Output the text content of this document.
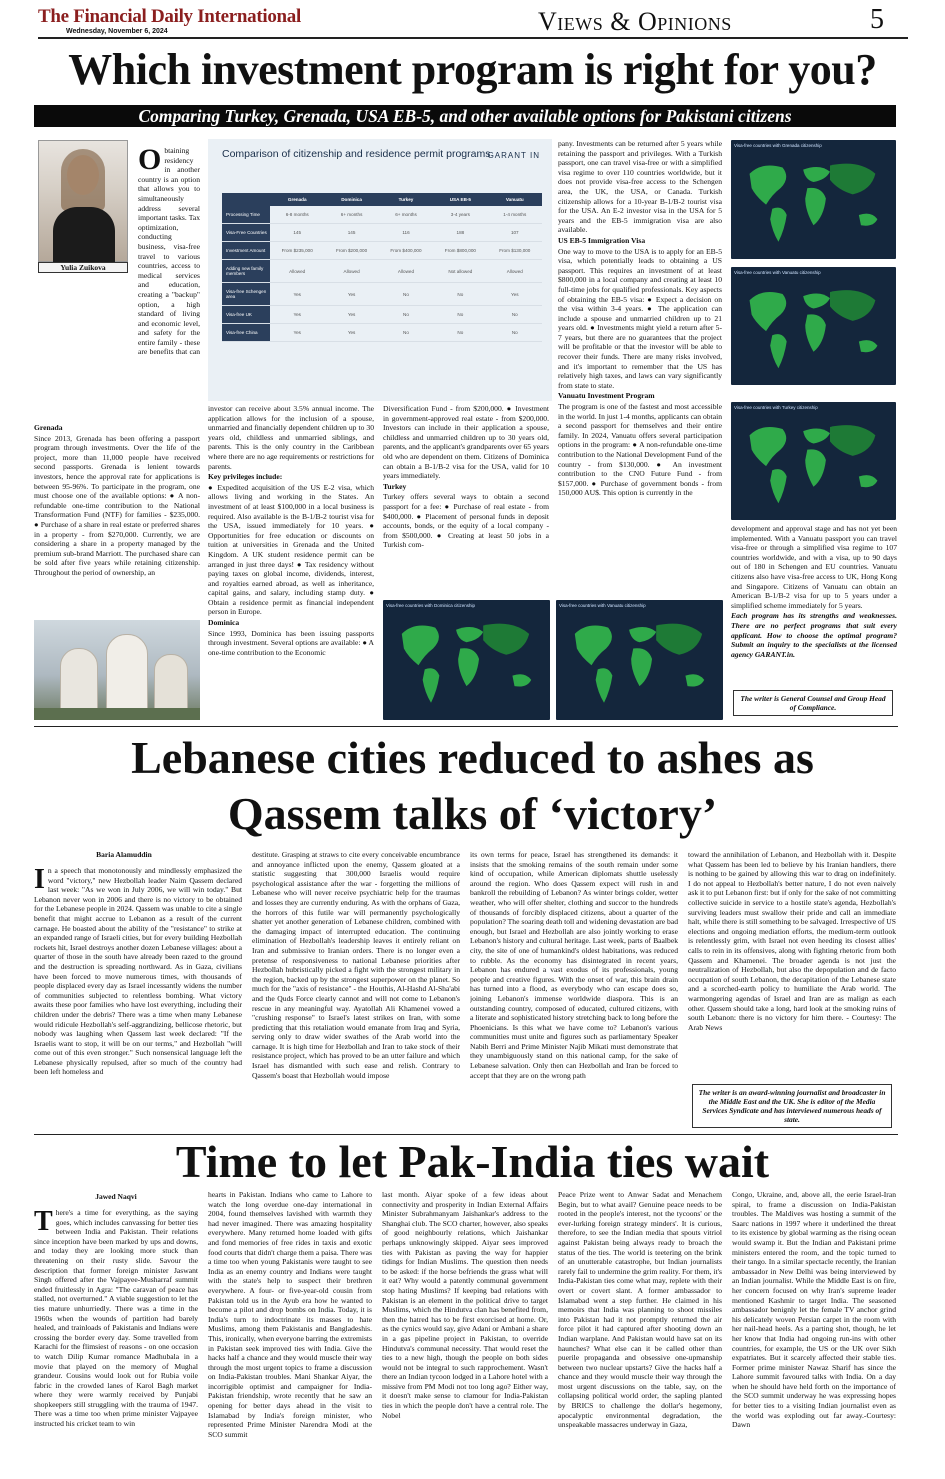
The Financial Daily International
Wednesday, November 6, 2024	Views & Opinions	5
Which investment program is right for you?
Comparing Turkey, Grenada, USA EB-5, and other available options for Pakistani citizens
Yulia Zuikova
Obtaining residency in another country is an option that allows you to simultaneously address several important tasks. Tax optimization, conducting business, visa-free travel to various countries, access to medical services and education, creating a "backup" option, a high standard of living and economic level, and safety for the entire family - these are benefits that can

Grenada

Since 2013, Grenada has been offering a passport program through investments. Over the life of the project, more than 11,000 people have received second passports. Grenada is lenient towards investors, hence the approval rate for applications is between 95-96%. To participate in the program, one must choose one of the available options: ● A non-refundable one-time contribution to the National Transformation Fund (NTF) for families - $235,000. ● Purchase of a share in real estate or preferred shares in a property - from $270,000. Currently, we are considering a share in a property managed by the premium sub-brand Marriott. The purchased share can be sold after five years while retaining citizenship. Throughout the period of ownership, an

Comparison of citizenship and residence permit programs
GARANT IN
	Grenada	Dominica	Turkey	USA EB-5	Vanuatu
Processing Time	6-8 months	6+ months	6+ months	3-4 years	1-4 months
Visa-Free Countries	145	145	116	188	107
Investment Amount	From $235,000	From $200,000	From $400,000	From $800,000	From $130,000
Adding new family members	Allowed	Allowed	Allowed	Not allowed	Allowed
Visa-free Schengen area	Yes	Yes	No	No	Yes
Visa-free UK	Yes	Yes	No	No	No
Visa-free China	Yes	Yes	No	No	No

investor can receive about 3.5% annual income. The application allows for the inclusion of a spouse, unmarried and financially dependent children up to 30 years old, childless and unmarried siblings, and parents. This is the only country in the Caribbean where there are no age requirements or restrictions for parents.

Key privileges include:

● Expedited acquisition of the US E-2 visa, which allows living and working in the States. An investment of at least $100,000 in a local business is required. Also available is the B-1/B-2 tourist visa for the USA, issued immediately for 10 years. ● Opportunities for free education or discounts on tuition at universities in Grenada and the United Kingdom. A UK student residence permit can be arranged in just three days! ● Tax residency without paying taxes on global income, dividends, interest, and royalties earned abroad, as well as inheritance, capital gains, and salary, including stamp duty. ● Obtain a residence permit as financial independent person in Europe.

Dominica

Since 1993, Dominica has been issuing passports through investment. Several options are available: ● A one-time contribution to the Economic

Diversification Fund - from $200,000. ● Investment in government-approved real estate - from $200,000. Investors can include in their application a spouse, childless and unmarried children up to 30 years old, parents, and the applicant's grandparents over 65 years old who are dependent on them. Citizens of Dominica can obtain a B-1/B-2 visa for the USA, valid for 10 years immediately.

Turkey

Turkey offers several ways to obtain a second passport for a fee: ● Purchase of real estate - from $400,000. ● Placement of personal funds in deposit accounts, bonds, or the equity of a local company - from $500,000. ● Creating at least 50 jobs in a Turkish com-

Visa-free countries with Dominica citizenship	Visa-free countries with Vanuatu citizenship
Visa-free countries with Grenada citizenship
Visa-free countries with Vanuatu citizenship
Visa-free countries with Turkey citizenship

pany. Investments can be returned after 5 years while retaining the passport and privileges. With a Turkish passport, one can travel visa-free or with a simplified visa regime to over 110 countries worldwide, but it does not provide visa-free access to the Schengen area, the UK, the USA, or Canada. Turkish citizenship allows for a 10-year B-1/B-2 tourist visa for the USA. An E-2 investor visa in the USA for 5 years and the EB-5 immigration visa are also available.

US EB-5 Immigration Visa

One way to move to the USA is to apply for an EB-5 visa, which potentially leads to obtaining a US passport. This requires an investment of at least $800,000 in a local company and creating at least 10 full-time jobs for qualified professionals. Key aspects of obtaining the EB-5 visa: ● Expect a decision on the visa within 3-4 years. ● The application can include a spouse and unmarried children up to 21 years old. ● Investments might yield a return after 5-7 years, but there are no guarantees that the project will be profitable or that the investor will be able to recover their funds. There are many risks involved, and it's important to remember that the US has relatively high taxes, and laws can vary significantly from state to state.

Vanuatu Investment Program

The program is one of the fastest and most accessible in the world. In just 1-4 months, applicants can obtain a second passport for themselves and their entire family. In 2024, Vanuatu offers several participation options in the program: ● A non-refundable one-time contribution to the National Development Fund of the country - from $130,000. ● An investment contribution to the CNO Future Fund - from $157,000. ● Purchase of government bonds - from 150,000 AU$. This option is currently in the

development and approval stage and has not yet been implemented. With a Vanuatu passport you can travel visa-free or through a simplified visa regime to 107 countries worldwide, and with a visa, up to 90 days out of 180 in Schengen and EU countries. Vanuatu citizens also have visa-free access to UK, Hong Kong and Singapore. Citizens of Vanuatu can obtain an American B-1/B-2 visa for up to 5 years under a simplified scheme immediately for 5 years.

Each program has its strengths and weaknesses. There are no perfect programs that suit every applicant. How to choose the optimal program? Submit an inquiry to the specialists at the licensed agency GARANT.in.

The writer is General Counsel and Group Head of Compliance.
Lebanese cities reduced to ashes as
Qassem talks of ‘victory’
Baria Alamuddin
In a speech that monotonously and mindlessly emphasized the word "victory," new Hezbollah leader Naim Qassem declared last week: "As we won in July 2006, we will win today." But Lebanon never won in 2006 and there is no victory to be obtained for the Lebanese people in 2024. Qassem was unable to cite a single benefit that might accrue to Lebanon as a result of the current carnage. He boasted about the ability of the "resistance" to strike at an expanded range of Israeli cities, but for every building Hezbollah rockets hit, Israel destroys another dozen Lebanese villages: about a quarter of those in the south have already been razed to the ground and the destruction is spreading northward. As in Gaza, civilians have been forced to move numerous times, with thousands of people displaced every day as Israel incessantly widens the number of communities subjected to relentless bombing. What victory awaits these poor families who have lost everything, including their children under the debris? There was a time when many Lebanese would ridicule Hezbollah's self-aggrandizing, bellicose rhetoric, but nobody was laughing when Qassem last week declared: "If the Israelis want to stop, it will be on our terms," and Hezbollah "will come out of this even stronger." Such nonsensical language left the Lebanese physically repulsed, after so much of the country had been left homeless and
destitute. Grasping at straws to cite every conceivable encumbrance and annoyance inflicted upon the enemy, Qassem gloated at a statistic suggesting that 300,000 Israelis would require psychological assistance after the war - forgetting the millions of Lebanese who will never receive psychiatric help for the traumas and losses they are currently enduring. As with the orphans of Gaza, the horrors of this futile war will permanently psychologically shatter yet another generation of Lebanese children, combined with the damaging impact of interrupted education. The continuing elimination of Hezbollah's leadership leaves it entirely reliant on Iran and submissive to Iranian orders. There is no longer even a pretense of responsiveness to national Lebanese priorities after Hezbollah hubristically picked a fight with the strongest military in the region, backed up by the strongest superpower on the planet. So much for the "axis of resistance" - the Houthis, Al-Hashd Al-Sha'abi and the Quds Force clearly cannot and will not come to Lebanon's rescue in any meaningful way. Ayatollah Ali Khamenei vowed a "crushing response" to Israel's latest strikes on Iran, with some predicting that this retaliation would emanate from Iraq and Syria, serving only to draw wider swathes of the Arab world into the carnage. It is high time for Hezbollah and Iran to take stock of their resistance project, which has proved to be an utter failure and which Israel has dismantled with such ease and relish. Contrary to Qassem's boast that Hezbollah would impose
its own terms for peace, Israel has strengthened its demands: it insists that the smoking remains of the south remain under some kind of occupation, while American diplomats shuttle uselessly around the region. Who does Qassem expect will rush in and bankroll the rebuilding of Lebanon? As winter brings colder, wetter weather, who will offer shelter, clothing and succor to the hundreds of thousands of forcibly displaced citizens, about a quarter of the population? The soaring death toll and widening devastation are bad enough, but Israel and Hezbollah are also jointly working to erase Lebanon's history and cultural heritage. Last week, parts of Baalbek city, the site of one of humankind's oldest habitations, was reduced to rubble. As the economy has disintegrated in recent years, Lebanon has endured a vast exodus of its professionals, young people and creative figures. With the onset of war, this brain drain has turned into a flood, as everybody who can escape does so, joining Lebanon's immense worldwide diaspora. This is an outstanding country, composed of educated, cultured citizens, with a literate and sophisticated history stretching back to long before the Phoenicians. Is this what we have come to? Lebanon's various communities must unite and figures such as parliamentary Speaker Nabih Berri and Prime Minister Najib Mikati must demonstrate that they unambiguously stand on this national camp, for the sake of Lebanese salvation. Only then can Hezbollah and Iran be forced to accept that they are on the wrong path
toward the annihilation of Lebanon, and Hezbollah with it. Despite what Qassem has been led to believe by his Iranian handlers, there is nothing to be gained by allowing this war to drag on indefinitely. I do not appeal to Hezbollah's better nature, I do not even naively ask it to put Lebanon first: but if only for the sake of not committing collective suicide in service to a hostile state's agenda, Hezbollah's surviving leaders must swallow their pride and call an immediate halt, while there is still something to be salvaged. Irrespective of US elections and ongoing mediation efforts, the medium-term outlook is relentlessly grim, with Israel not even heeding its closest allies' calls to rein in its offensives, along with fighting rhetoric from both Qassem and Khamenei. The broader agenda is not just the neutralization of Hezbollah, but also the depopulation and de facto occupation of south Lebanon, the decapitation of the Lebanese state and a scorched-earth policy to humiliate the Arab world. The warmongering agendas of Israel and Iran are as malign as each other. Qassem should take a long, hard look at the smoking ruins of south Lebanon: there is no victory for him there. - Courtesy: The Arab News
The writer is an award-winning journalist and broadcaster in the Middle East and the UK. She is editor of the Media Services Syndicate and has interviewed numerous heads of state.
Time to let Pak-India ties wait
Jawed Naqvi
There's a time for everything, as the saying goes, which includes canvassing for better ties between India and Pakistan. Their relations since inception have been marked by ups and downs, and today they are looking more stuck than threatening on their rusty slide. Savour the description that former foreign minister Jaswant Singh offered after the Vajpayee-Musharraf summit ended fruitlessly in Agra: "The caravan of peace has stalled, not overturned." A viable suggestion to let the ties mature unhurriedly. There was a time in the 1960s when the wounds of partition had barely healed, and trainloads of Pakistanis and Indians were crossing the border every day. Some travelled from Karachi for the flimsiest of reasons - on one occasion to watch Dilip Kumar romance Madhubala in a movie that played on the memory of Mughal grandeur. Cousins would look out for Rubia voile fabric in the crowded lanes of Karol Bagh market where they were warmly received by Punjabi shopkeepers still struggling with the trauma of 1947. There was a time too when prime minister Vajpayee instructed his cricket team to win
hearts in Pakistan. Indians who came to Lahore to watch the long overdue one-day international in 2004, found themselves lavished with warmth they had never imagined. There was amazing hospitality everywhere. Many returned home loaded with gifts and fond memories of free rides in taxis and exotic food courts that didn't charge them a paisa. There was a time too when young Pakistanis were taught to see India as an enemy country and Indians were taught with the state's help to suspect their brethren everywhere. A four- or five-year-old cousin from Pakistan told us in the Ayub era how he wanted to become a pilot and drop bombs on India. Today, it is India's turn to indoctrinate its masses to hate Muslims, among them Pakistanis and Bangladeshis. This, ironically, when everyone barring the extremists in Pakistan seek improved ties with India. Give the hacks half a chance and they would muscle their way through the most urgent topics to frame a discussion on India-Pakistan troubles. Mani Shankar Aiyar, the incorrigible optimist and campaigner for India-Pakistan friendship, wrote recently that he saw an opening for better days ahead in the visit to Islamabad by India's foreign minister, who represented Prime Minister Narendra Modi at the SCO summit
last month. Aiyar spoke of a few ideas about connectivity and prosperity in Indian External Affairs Minister Subrahmanyam Jaishankar's address to the Shanghai club. The SCO charter, however, also speaks of good neighbourly relations, which Jaishankar perhaps unknowingly skipped. Aiyar sees improved ties with Pakistan as paving the way for happier tidings for Indian Muslims. The question then needs to be asked: if the horse befriends the grass what will it eat? Why would a patently communal government stop hating Muslims? If keeping bad relations with Pakistan is an element in the political drive to target Muslims, which the Hindutva clan has benefited from, then the hatred has to be first exorcised at home. Or, as the cynics would say, give Adani or Ambani a share in a gas pipeline project in Pakistan, to override Hindutva's communal necessity. That would reset the ties to a new high, though the people on both sides would not be integral to such rapprochement. Wasn't there an Indian tycoon lodged in a Lahore hotel with a missive from PM Modi not too long ago? Either way, it doesn't make sense to clamour for India-Pakistan ties in which the people don't have a central role. The Nobel
Peace Prize went to Anwar Sadat and Menachem Begin, but to what avail? Genuine peace needs to be rooted in the people's interest, not the tycoons' or the ever-lurking foreign strategy minders'. It is curious, therefore, to see the Indian media that spouts vitriol against Pakistan being always ready to broach the status of the ties. The world is teetering on the brink of an unutterable catastrophe, but Indian journalists rarely fail to undermine the grim reality. For them, it's India-Pakistan ties come what may, replete with their overt or covert slant. A former ambassador to Islamabad went a step further. He claimed in his memoirs that India was planning to shoot missiles into Pakistan had it not promptly returned the air force pilot it had captured after shooting down an Indian warplane. And Pakistan would have sat on its haunches? What else can it be called other than puerile propaganda and obsessive one-upmanship between two nuclear upstarts? Give the hacks half a chance and they would muscle their way through the most urgent discussions on the table, say, on the collapsing political world order, the sapling planted by BRICS to challenge the dollar's hegemony, apocalyptic environmental degradation, the unspeakable massacres underway in Gaza,
Congo, Ukraine, and, above all, the eerie Israel-Iran spiral, to frame a discussion on India-Pakistan troubles. The Maldives was hosting a summit of the Saarc nations in 1997 where it underlined the threat to its existence by global warming as the rising ocean would swamp it. But the Indian and Pakistani prime ministers entered the room, and the topic turned to their tango. In a similar spectacle recently, the Iranian ambassador in New Delhi was being interviewed by an Indian journalist. While the Middle East is on fire, her concern focused on why Iran's supreme leader mentioned Kashmir to target India. The seasoned ambassador benignly let the female TV anchor grind his delicately woven Persian carpet in the room with her nail-head heels. As a parting shot, though, he let her know that India had ongoing run-ins with other countries, for example, the US or the UK over Sikh expatriates. But it scarcely affected their stable ties. Former prime minister Nawaz Sharif has since the Lahore summit favoured talks with India. On a day when he should have held forth on the importance of the SCO summit underway he was expressing hopes for better ties to a visiting Indian journalist even as the world was exploding out far away.-Courtesy: Dawn
